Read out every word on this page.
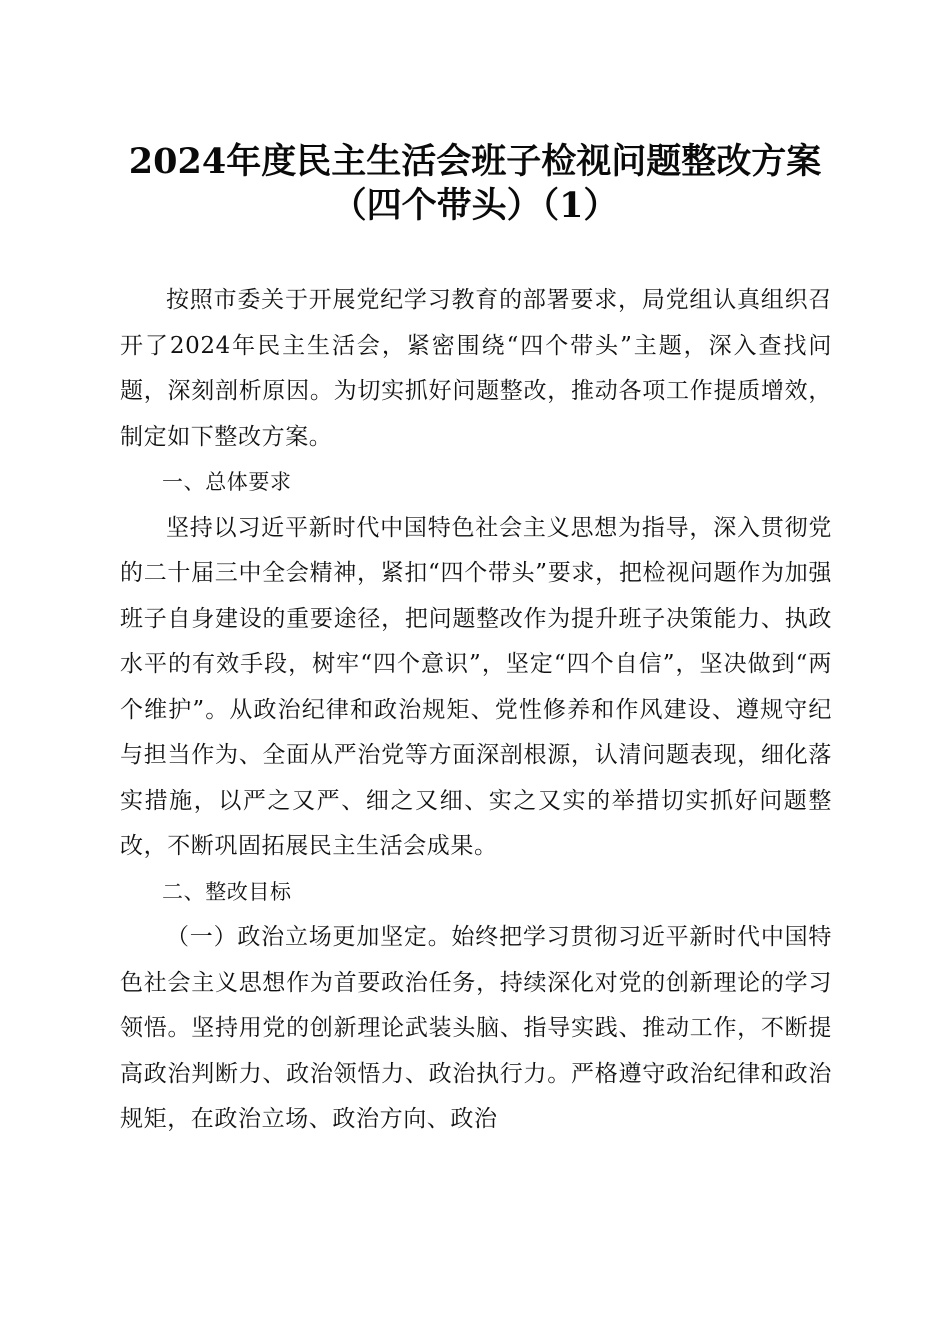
2024年度民主生活会班子检视问题整改方案
（四个带头）（1）

按照市委关于开展党纪学习教育的部署要求，局党组认真组织召开了2024年民主生活会，紧密围绕“四个带头”主题，深入查找问题，深刻剖析原因。为切实抓好问题整改，推动各项工作提质增效，制定如下整改方案。

一、总体要求

坚持以习近平新时代中国特色社会主义思想为指导，深入贯彻党的二十届三中全会精神，紧扣“四个带头”要求，把检视问题作为加强班子自身建设的重要途径，把问题整改作为提升班子决策能力、执政水平的有效手段，树牢“四个意识”，坚定“四个自信”，坚决做到“两个维护”。从政治纪律和政治规矩、党性修养和作风建设、遵规守纪与担当作为、全面从严治党等方面深剖根源，认清问题表现，细化落实措施，以严之又严、细之又细、实之又实的举措切实抓好问题整改，不断巩固拓展民主生活会成果。

二、整改目标

（一）政治立场更加坚定。始终把学习贯彻习近平新时代中国特色社会主义思想作为首要政治任务，持续深化对党的创新理论的学习领悟。坚持用党的创新理论武装头脑、指导实践、推动工作，不断提高政治判断力、政治领悟力、政治执行力。严格遵守政治纪律和政治规矩，在政治立场、政治方向、政治
